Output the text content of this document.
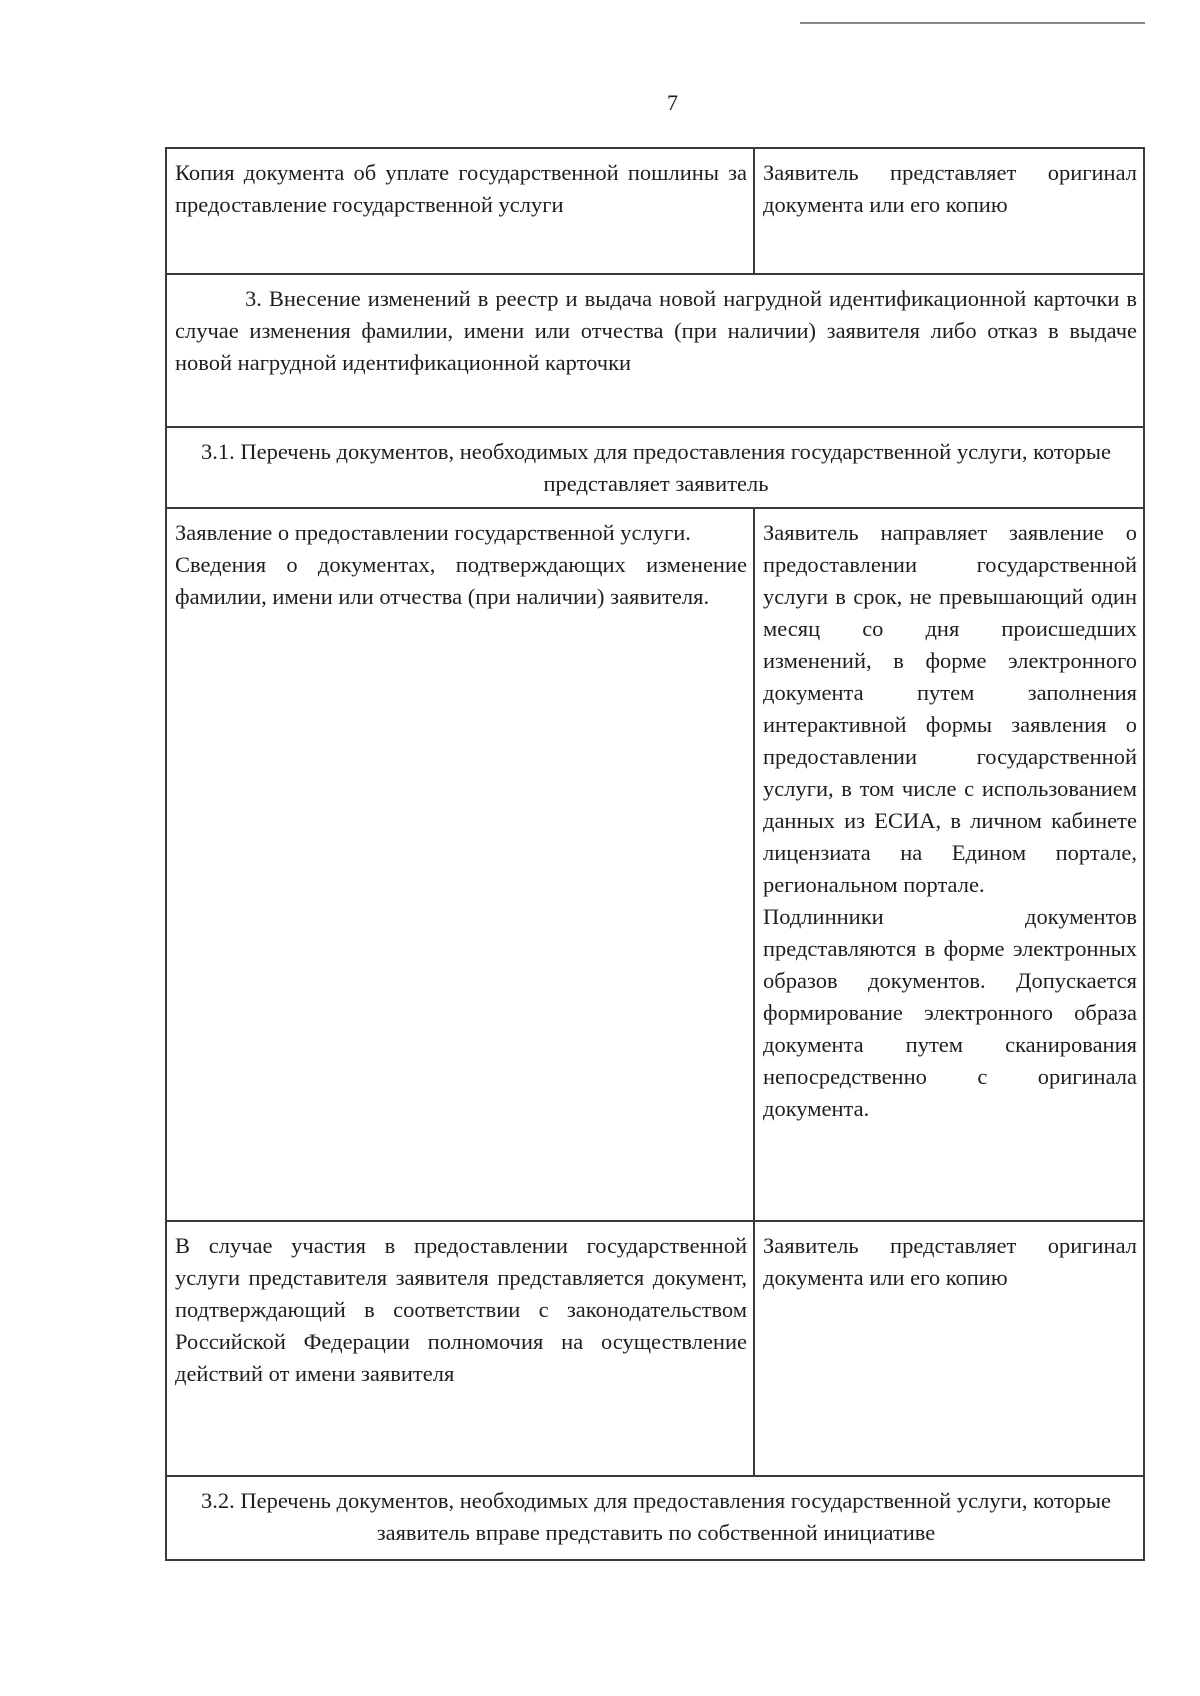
7
Копия документа об уплате государственной пошлины за предоставление государственной услуги
Заявитель представляет оригинал документа или его копию
3. Внесение изменений в реестр и выдача новой нагрудной идентификационной карточки в случае изменения фамилии, имени или отчества (при наличии) заявителя либо отказ в выдаче новой нагрудной идентификационной карточки
3.1. Перечень документов, необходимых для предоставления государственной услуги, которые представляет заявитель

Заявление о предоставлении государственной услуги.

Сведения о документах, подтверждающих изменение фамилии, имени или отчества (при наличии) заявителя.

Заявитель направляет заявление о предоставлении государственной услуги в срок, не превышающий один месяц со дня происшедших изменений, в форме электронного документа путем заполнения интерактивной формы заявления о предоставлении государственной услуги, в том числе с использованием данных из ЕСИА, в личном кабинете лицензиата на Едином портале, региональном портале.

Подлинники документов представляются в форме электронных образов документов. Допускается формирование электронного образа документа путем сканирования непосредственно с оригинала документа.

В случае участия в предоставлении государственной услуги представителя заявителя представляется документ, подтверждающий в соответствии с законодательством Российской Федерации полномочия на осуществление действий от имени заявителя
Заявитель представляет оригинал документа или его копию
3.2. Перечень документов, необходимых для предоставления государственной услуги, которые заявитель вправе представить по собственной инициативе
